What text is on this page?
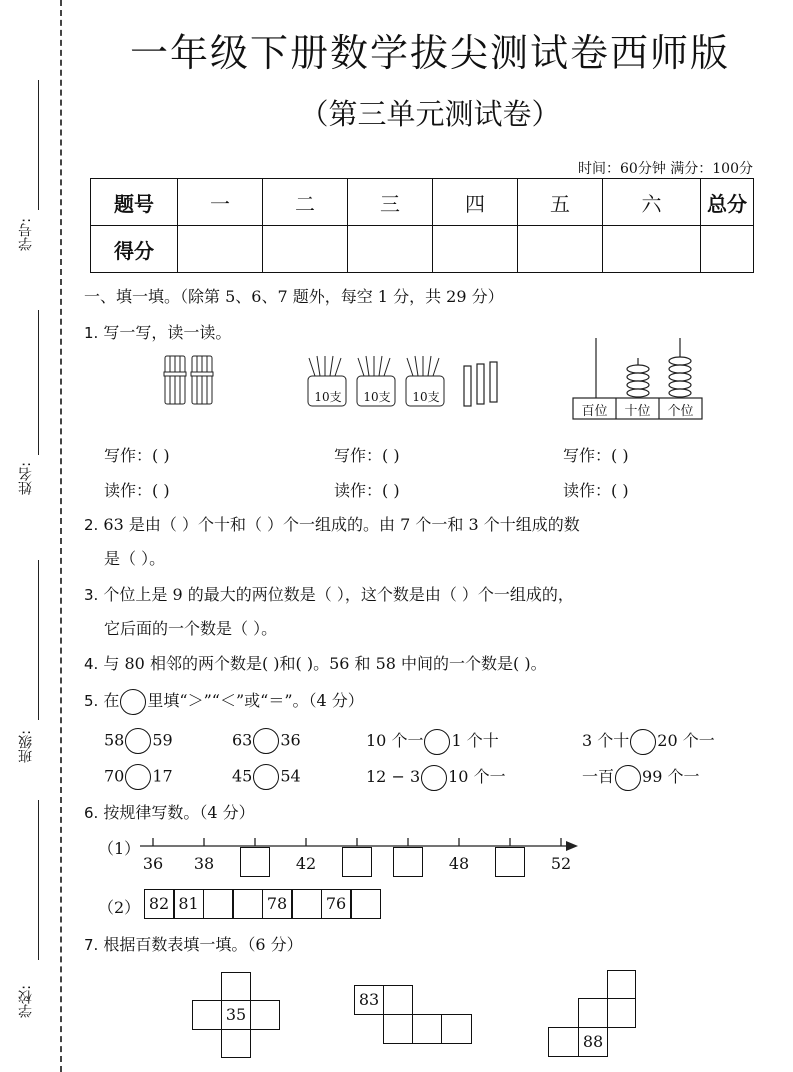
学号:
姓名:
班级:
学校:
一年级下册数学拔尖测试卷西师版
（第三单元测试卷）
时间：60分钟 满分：100分
题号	一	二	三	四	五	六	总分
得分							
一、填一填。（除第 5、6、7 题外，每空 1 分，共 29 分）
1. 写一写，读一读。
10支	10支	10支
百位	十位	个位
写作：( )	写作：( )	写作：( )
读作：( )	读作：( )	读作：( )
2. 63 是由（ ）个十和（ ）个一组成的。由 7 个一和 3 个十组成的数
是（ ）。
3. 个位上是 9 的最大的两位数是（ ），这个数是由（ ）个一组成的，
它后面的一个数是（ ）。
4. 与 80 相邻的两个数是( )和( )。56 和 58 中间的一个数是( )。
5. 在 里填“＞”“＜”或“＝”。（4 分）
58 59	63 36	10 个一 1 个十	3 个十 20 个一
70 17	45 54	12 − 3 10 个一	一百 99 个一
6. 按规律写数。（4 分）
（1）
36	38	42	48	52
（2） 82 81	78	76
7. 根据百数表填一填。（6 分）
35
83
88
